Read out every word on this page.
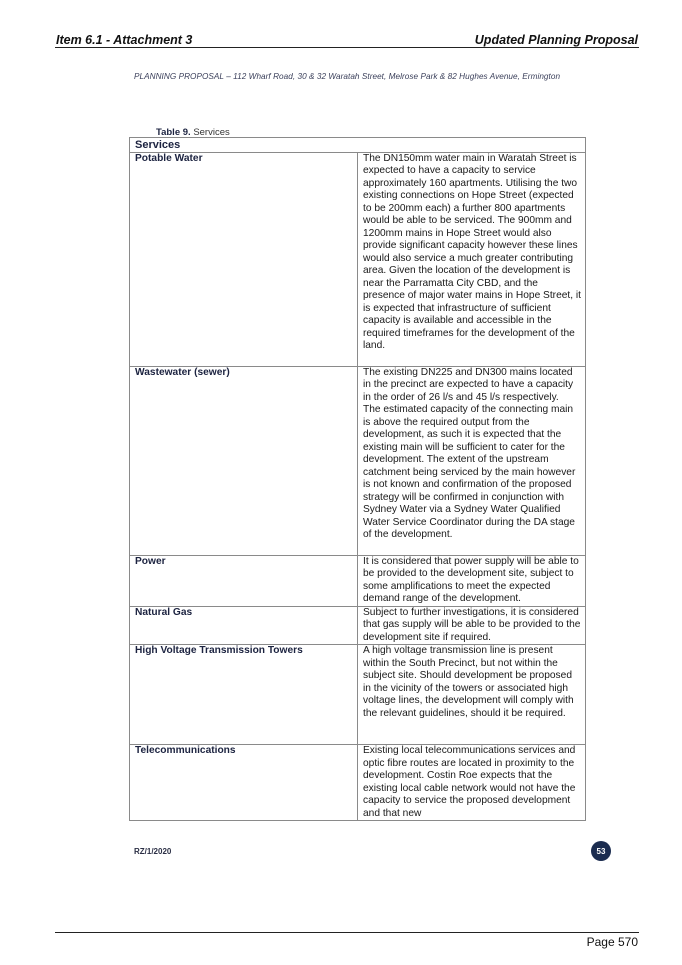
Item 6.1 - Attachment 3	Updated Planning Proposal
PLANNING PROPOSAL – 112 Wharf Road, 30 & 32 Waratah Street, Melrose Park & 82 Hughes Avenue, Ermington
Table 9. Services
Services	
Potable Water	The DN150mm water main in Waratah Street is expected to have a capacity to service approximately 160 apartments. Utilising the two existing connections on Hope Street (expected to be 200mm each) a further 800 apartments would be able to be serviced. The 900mm and 1200mm mains in Hope Street would also provide significant capacity however these lines would also service a much greater contributing area. Given the location of the development is near the Parramatta City CBD, and the presence of major water mains in Hope Street, it is expected that infrastructure of sufficient capacity is available and accessible in the required timeframes for the development of the land.

Wastewater (sewer)	The existing DN225 and DN300 mains located in the precinct are expected to have a capacity in the order of 26 l/s and 45 l/s respectively.

The estimated capacity of the connecting main is above the required output from the development, as such it is expected that the existing main will be sufficient to cater for the development. The extent of the upstream catchment being serviced by the main however is not known and confirmation of the proposed strategy will be confirmed in conjunction with Sydney Water via a Sydney Water Qualified Water Service Coordinator during the DA stage of the development.

Power	It is considered that power supply will be able to be provided to the development site, subject to some amplifications to meet the expected demand range of the development.

Natural Gas	Subject to further investigations, it is considered that gas supply will be able to be provided to the development site if required.

High Voltage Transmission Towers	A high voltage transmission line is present within the South Precinct, but not within the subject site. Should development be proposed in the vicinity of the towers or associated high voltage lines, the development will comply with the relevant guidelines, should it be required.

Telecommunications	Existing local telecommunications services and optic fibre routes are located in proximity to the development. Costin Roe expects that the existing local cable network would not have the capacity to service the proposed development and that new

RZ/1/2020	53
Page 570
